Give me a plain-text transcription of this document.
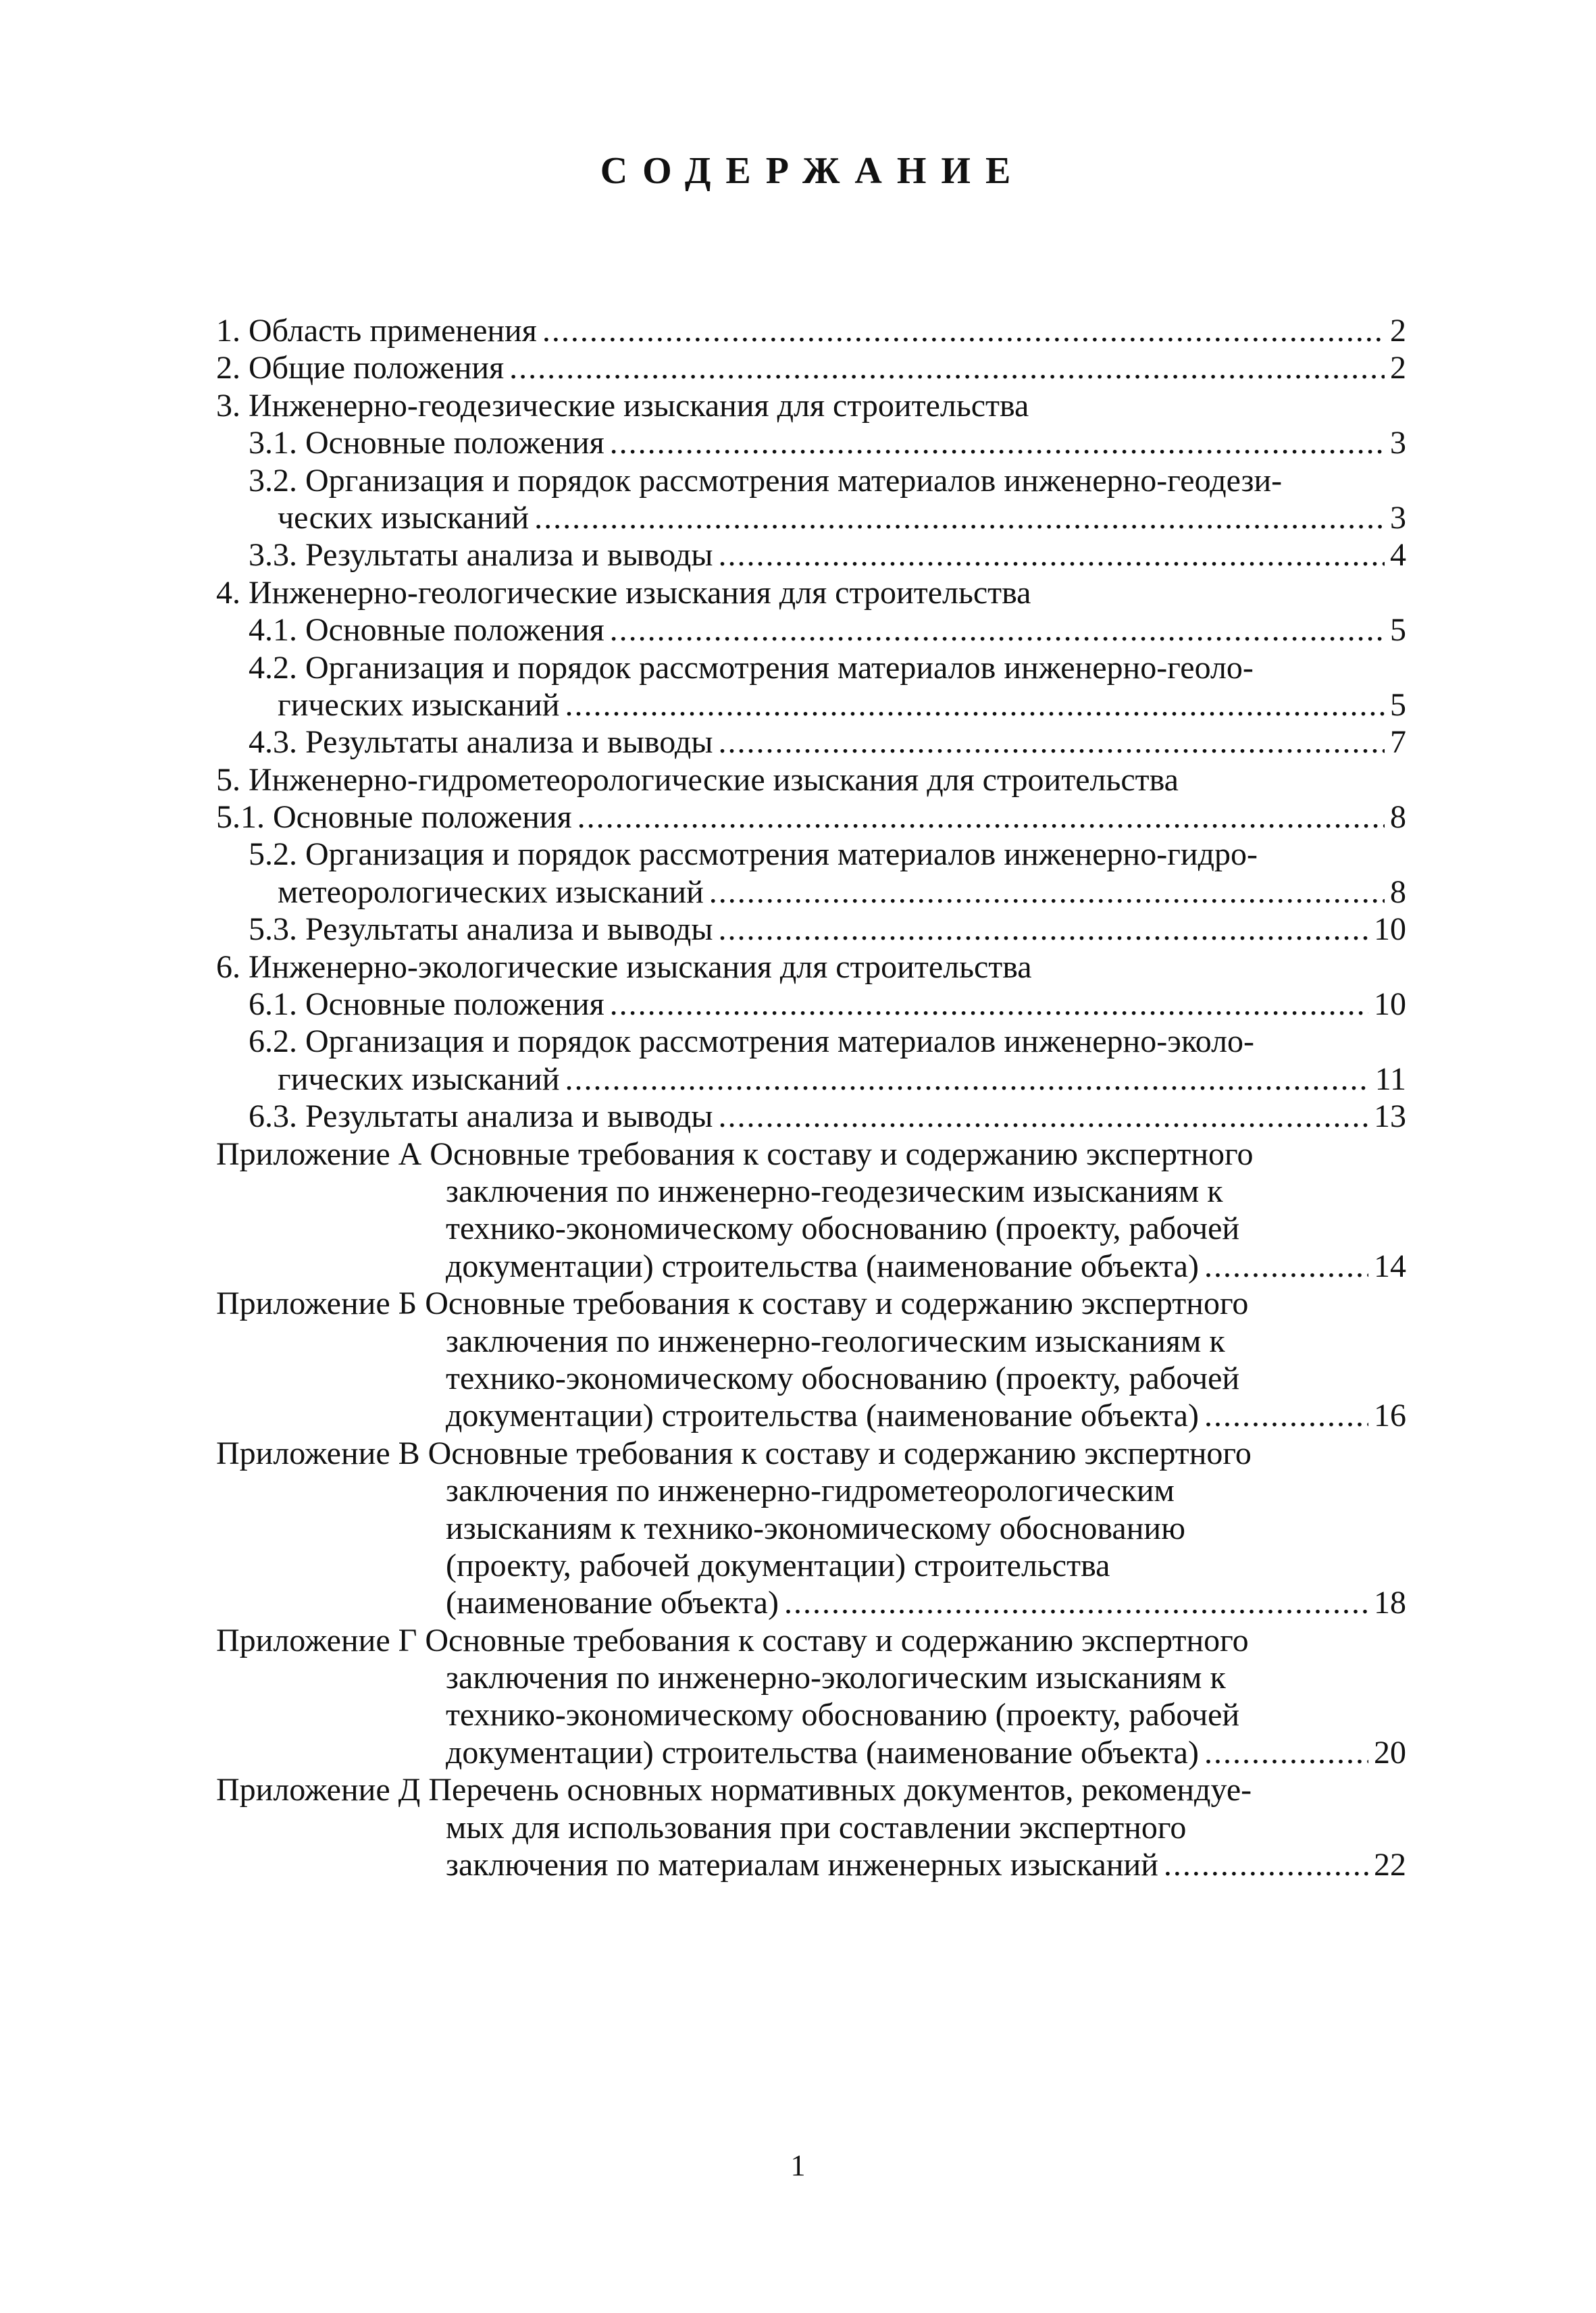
СОДЕРЖАНИЕ
1. Область применения .....	2
2. Общие положения .....	2
3. Инженерно-геодезические изыскания для строительства
3.1. Основные положения .....	3
3.2. Организация и порядок рассмотрения материалов инженерно-геодези-
ческих изысканий .....	3
3.3. Результаты анализа и выводы .....	4
4. Инженерно-геологические изыскания для строительства
4.1. Основные положения .....	5
4.2. Организация и порядок рассмотрения материалов инженерно-геоло-
гических изысканий .....	5
4.3. Результаты анализа и выводы .....	7
5. Инженерно-гидрометеорологические изыскания для строительства
5.1. Основные положения .....	8
5.2. Организация и порядок рассмотрения материалов инженерно-гидро-
метеорологических изысканий .....	8
5.3. Результаты анализа и выводы .....	10
6. Инженерно-экологические изыскания для строительства
6.1. Основные положения .....	10
6.2. Организация и порядок рассмотрения материалов инженерно-эколо-
гических изысканий .....	11
6.3. Результаты анализа и выводы .....	13
Приложение А Основные требования к составу и содержанию экспертного
заключения по инженерно-геодезическим изысканиям к
технико-экономическому обоснованию (проекту, рабочей
документации) строительства (наименование объекта) .....	14
Приложение Б Основные требования к составу и содержанию экспертного
заключения по инженерно-геологическим изысканиям к
технико-экономическому обоснованию (проекту, рабочей
документации) строительства (наименование объекта) .....	16
Приложение В Основные требования к составу и содержанию экспертного
заключения по инженерно-гидрометеорологическим
изысканиям к технико-экономическому обоснованию
(проекту, рабочей документации) строительства
(наименование объекта) .....	18
Приложение Г Основные требования к составу и содержанию экспертного
заключения по инженерно-экологическим изысканиям к
технико-экономическому обоснованию (проекту, рабочей
документации) строительства (наименование объекта) .....	20
Приложение Д Перечень основных нормативных документов, рекомендуе-
мых для использования при составлении экспертного
заключения по материалам инженерных изысканий .....	22
1
